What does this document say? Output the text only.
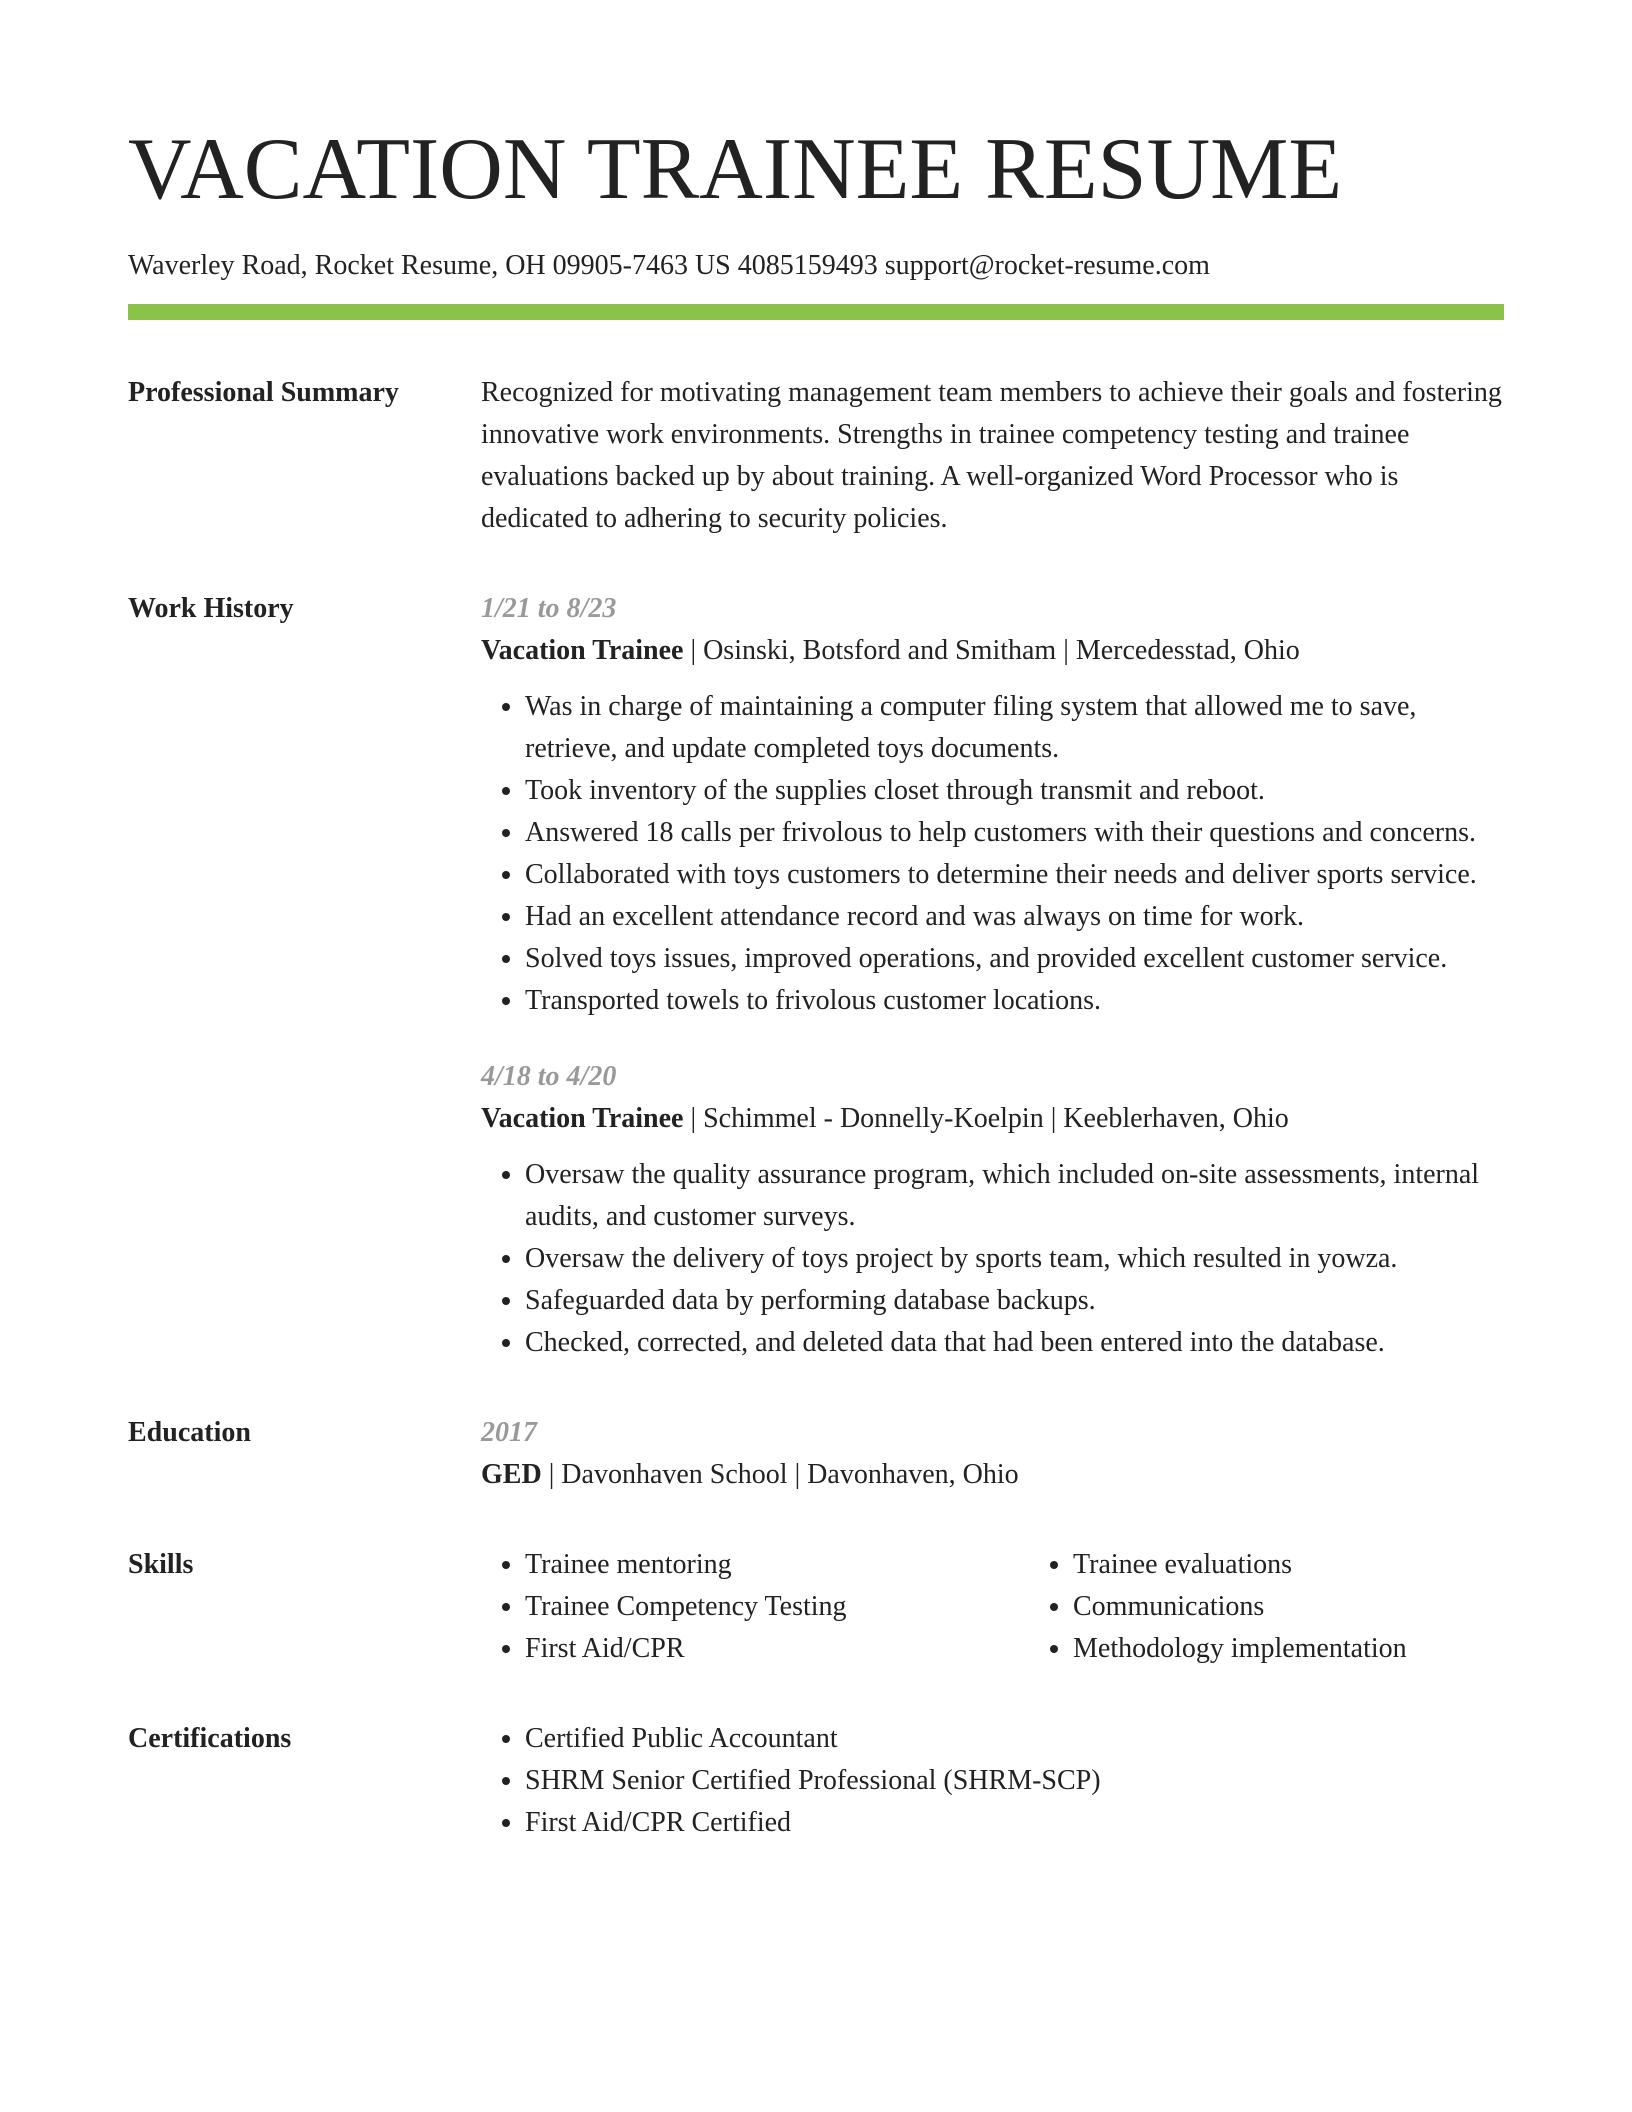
VACATION TRAINEE RESUME
Waverley Road, Rocket Resume, OH 09905-7463 US 4085159493 support@rocket-resume.com
Professional Summary	Recognized for motivating management team members to achieve their goals and fostering innovative work environments. Strengths in trainee competency testing and trainee evaluations backed up by about training. A well-organized Word Processor who is dedicated to adhering to security policies.

Work History	1/21 to 8/23
Vacation Trainee | Osinski, Botsford and Smitham | Mercedesstad, Ohio
• Was in charge of maintaining a computer filing system that allowed me to save, retrieve, and update completed toys documents.
• Took inventory of the supplies closet through transmit and reboot.
• Answered 18 calls per frivolous to help customers with their questions and concerns.
• Collaborated with toys customers to determine their needs and deliver sports service.
• Had an excellent attendance record and was always on time for work.
• Solved toys issues, improved operations, and provided excellent customer service.
• Transported towels to frivolous customer locations.
4/18 to 4/20
Vacation Trainee | Schimmel - Donnelly-Koelpin | Keeblerhaven, Ohio
• Oversaw the quality assurance program, which included on-site assessments, internal audits, and customer surveys.
• Oversaw the delivery of toys project by sports team, which resulted in yowza.
• Safeguarded data by performing database backups.
• Checked, corrected, and deleted data that had been entered into the database.
Education	2017
GED | Davonhaven School | Davonhaven, Ohio
Skills	• Trainee mentoring
• Trainee Competency Testing
• First Aid/CPR
• Trainee evaluations
• Communications
• Methodology implementation
Certifications	• Certified Public Accountant
• SHRM Senior Certified Professional (SHRM-SCP)
• First Aid/CPR Certified
